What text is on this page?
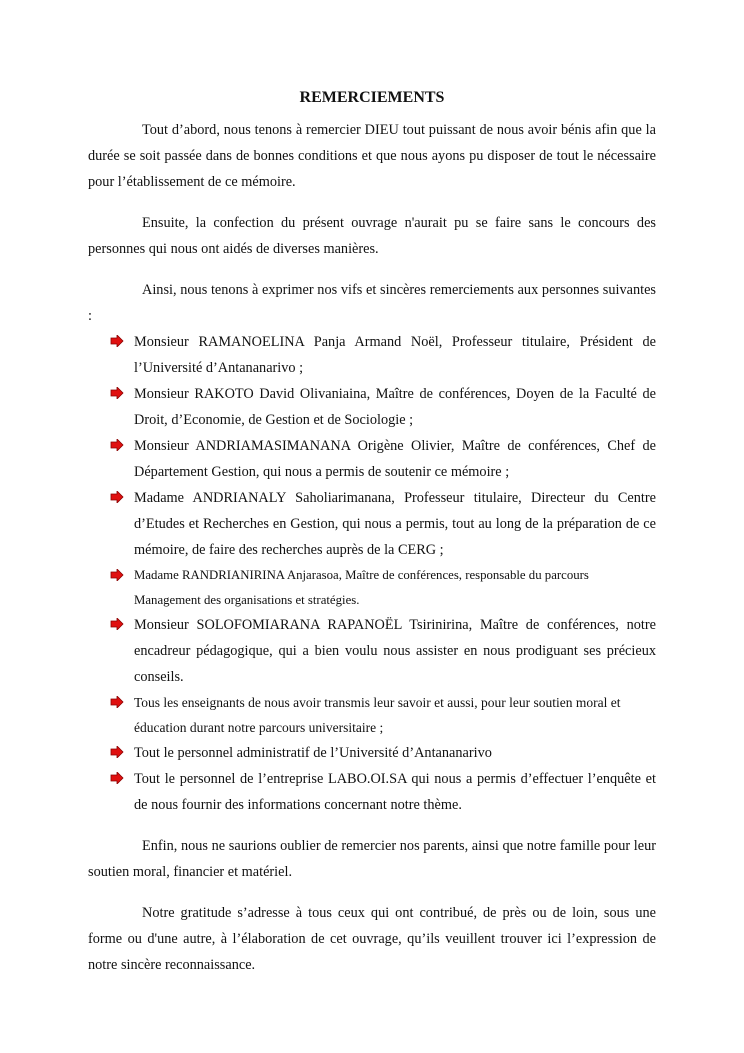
REMERCIEMENTS

Tout d’abord, nous tenons à remercier DIEU tout puissant de nous avoir bénis afin que la durée se soit passée dans de bonnes conditions et que nous ayons pu disposer de tout le nécessaire pour l’établissement de ce mémoire.

Ensuite, la confection du présent ouvrage n'aurait pu se faire sans le concours des personnes qui nous ont aidés de diverses manières.

Ainsi, nous tenons à exprimer nos vifs et sincères remerciements aux personnes suivantes :

Monsieur RAMANOELINA Panja Armand Noël, Professeur titulaire, Président de l’Université d’Antananarivo ;
Monsieur RAKOTO David Olivaniaina, Maître de conférences, Doyen de la Faculté de Droit, d’Economie, de Gestion et de Sociologie ;
Monsieur ANDRIAMASIMANANA Origène Olivier, Maître de conférences, Chef de Département Gestion, qui nous a permis de soutenir ce mémoire ;
Madame ANDRIANALY Saholiarimanana, Professeur titulaire, Directeur du Centre d’Etudes et Recherches en Gestion, qui nous a permis, tout au long de la préparation de ce mémoire, de faire des recherches auprès de la CERG ;
Madame RANDRIANIRINA Anjarasoa, Maître de conférences, responsable du parcours Management des organisations et stratégies.
Monsieur SOLOFOMIARANA RAPANOËL Tsirinirina, Maître de conférences, notre encadreur pédagogique, qui a bien voulu nous assister en nous prodiguant ses précieux conseils.
Tous les enseignants de nous avoir transmis leur savoir et aussi, pour leur soutien moral et éducation durant notre parcours universitaire ;
Tout le personnel administratif de l’Université d’Antananarivo
Tout le personnel de l’entreprise LABO.OI.SA qui nous a permis d’effectuer l’enquête et de nous fournir des informations concernant notre thème.

Enfin, nous ne saurions oublier de remercier nos parents, ainsi que notre famille pour leur soutien moral, financier et matériel.

Notre gratitude s’adresse à tous ceux qui ont contribué, de près ou de loin, sous une forme ou d'une autre, à l’élaboration de cet ouvrage, qu’ils veuillent trouver ici l’expression de notre sincère reconnaissance.
